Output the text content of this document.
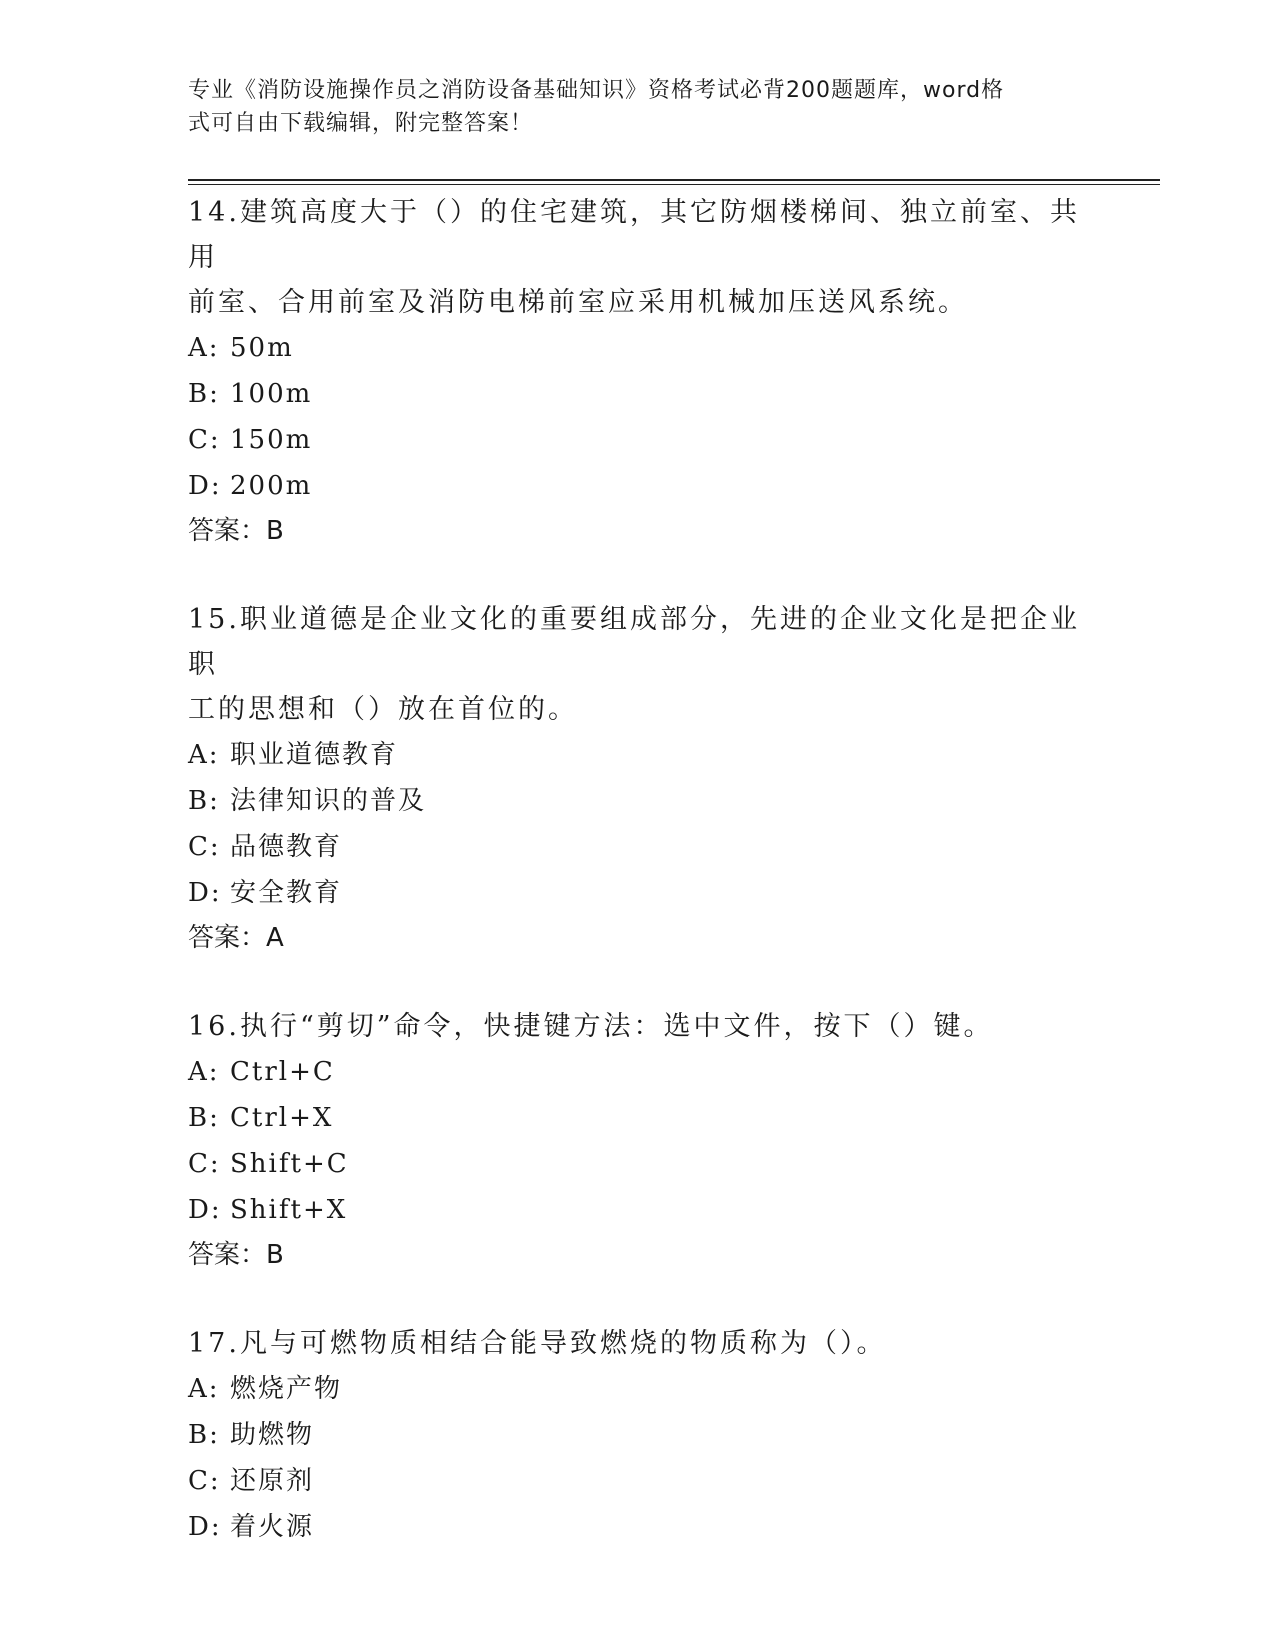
专业《消防设施操作员之消防设备基础知识》资格考试必背200题题库，word格
式可自由下载编辑，附完整答案！

14.建筑高度大于（）的住宅建筑，其它防烟楼梯间、独立前室、共用

前室、合用前室及消防电梯前室应采用机械加压送风系统。

A: 50m

B: 100m

C: 150m

D: 200m

答案：B

15.职业道德是企业文化的重要组成部分，先进的企业文化是把企业职

工的思想和（）放在首位的。

A: 职业道德教育

B: 法律知识的普及

C: 品德教育

D: 安全教育

答案：A

16.执行“剪切”命令，快捷键方法：选中文件，按下（）键。

A: Ctrl+C

B: Ctrl+X

C: Shift+C

D: Shift+X

答案：B

17.凡与可燃物质相结合能导致燃烧的物质称为（）。

A: 燃烧产物

B: 助燃物

C: 还原剂

D: 着火源
